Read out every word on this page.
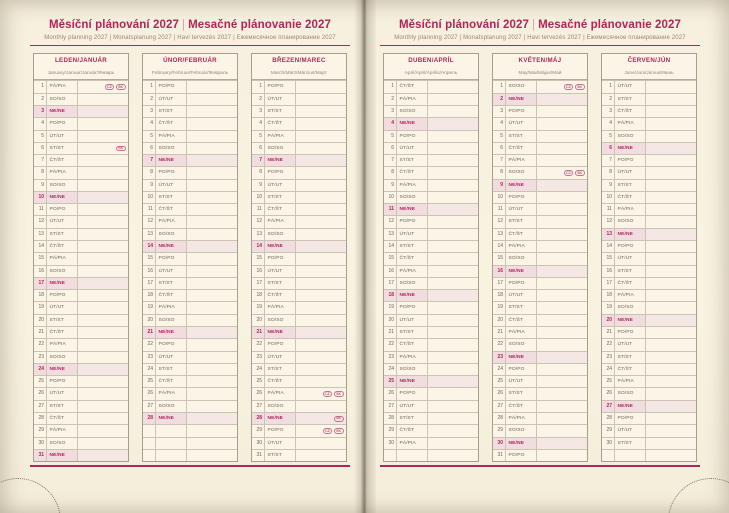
Měsíční plánování 2027 | Mesačné plánovanie 2027
Monthly planning 2027 | Monatsplanung 2027 | Havi tervezés 2027 | Ежемесячное планирование 2027
LEDEN/JANUÁR
January/Januar/Január/Январь
1	PÁ/PIA	CZ	SK
2	SO/SO
3	NE/NE
4	PO/PO
5	ÚT/UT
6	ST/ST	SK
7	ČT/ŠT
8	PÁ/PIA
9	SO/SO
10	NE/NE
11	PO/PO
12	ÚT/UT
13	ST/ST
14	ČT/ŠT
15	PÁ/PIA
16	SO/SO
17	NE/NE
18	PO/PO
19	ÚT/UT
20	ST/ST
21	ČT/ŠT
22	PÁ/PIA
23	SO/SO
24	NE/NE
25	PO/PO
26	ÚT/UT
27	ST/ST
28	ČT/ŠT
29	PÁ/PIA
30	SO/SO
31	NE/NE
ÚNOR/FEBRUÁR
February/Februar/Február/Февраль
1	PO/PO
2	ÚT/UT
3	ST/ST
4	ČT/ŠT
5	PÁ/PIA
6	SO/SO
7	NE/NE
8	PO/PO
9	ÚT/UT
10	ST/ST
11	ČT/ŠT
12	PÁ/PIA
13	SO/SO
14	NE/NE
15	PO/PO
16	ÚT/UT
17	ST/ST
18	ČT/ŠT
19	PÁ/PIA
20	SO/SO
21	NE/NE
22	PO/PO
23	ÚT/UT
24	ST/ST
25	ČT/ŠT
26	PÁ/PIA
27	SO/SO
28	NE/NE
BŘEZEN/MAREC
March/März/Március/Март
1	PO/PO
2	ÚT/UT
3	ST/ST
4	ČT/ŠT
5	PÁ/PIA
6	SO/SO
7	NE/NE
8	PO/PO
9	ÚT/UT
10	ST/ST
11	ČT/ŠT
12	PÁ/PIA
13	SO/SO
14	NE/NE
15	PO/PO
16	ÚT/UT
17	ST/ST
18	ČT/ŠT
19	PÁ/PIA
20	SO/SO
21	NE/NE
22	PO/PO
23	ÚT/UT
24	ST/ST
25	ČT/ŠT
26	PÁ/PIA	CZ	SK
27	SO/SO
28	NE/NE	SK
29	PO/PO	CZ	SK
30	ÚT/UT
31	ST/ST
Měsíční plánování 2027 | Mesačné plánovanie 2027
Monthly planning 2027 | Monatsplanung 2027 | Havi tervezés 2027 | Ежемесячное планирование 2027
DUBEN/APRÍL
April/April/Április/Апрель
1	ČT/ŠT
2	PÁ/PIA
3	SO/SO
4	NE/NE
5	PO/PO
6	ÚT/UT
7	ST/ST
8	ČT/ŠT
9	PÁ/PIA
10	SO/SO
11	NE/NE
12	PO/PO
13	ÚT/UT
14	ST/ST
15	ČT/ŠT
16	PÁ/PIA
17	SO/SO
18	NE/NE
19	PO/PO
20	ÚT/UT
21	ST/ST
22	ČT/ŠT
23	PÁ/PIA
24	SO/SO
25	NE/NE
26	PO/PO
27	ÚT/UT
28	ST/ST
29	ČT/ŠT
30	PÁ/PIA
KVĚTEN/MÁJ
May/Mai/Május/Май
1	SO/SO	CZ	SK
2	NE/NE
3	PO/PO
4	ÚT/UT
5	ST/ST
6	ČT/ŠT
7	PÁ/PIA
8	SO/SO	CZ	SK
9	NE/NE
10	PO/PO
11	ÚT/UT
12	ST/ST
13	ČT/ŠT
14	PÁ/PIA
15	SO/SO
16	NE/NE
17	PO/PO
18	ÚT/UT
19	ST/ST
20	ČT/ŠT
21	PÁ/PIA
22	SO/SO
23	NE/NE
24	PO/PO
25	ÚT/UT
26	ST/ST
27	ČT/ŠT
28	PÁ/PIA
29	SO/SO
30	NE/NE
31	PO/PO
ČERVEN/JÚN
June/Juni/Június/Июнь
1	ÚT/UT
2	ST/ST
3	ČT/ŠT
4	PÁ/PIA
5	SO/SO
6	NE/NE
7	PO/PO
8	ÚT/UT
9	ST/ST
10	ČT/ŠT
11	PÁ/PIA
12	SO/SO
13	NE/NE
14	PO/PO
15	ÚT/UT
16	ST/ST
17	ČT/ŠT
18	PÁ/PIA
19	SO/SO
20	NE/NE
21	PO/PO
22	ÚT/UT
23	ST/ST
24	ČT/ŠT
25	PÁ/PIA
26	SO/SO
27	NE/NE
28	PO/PO
29	ÚT/UT
30	ST/ST
